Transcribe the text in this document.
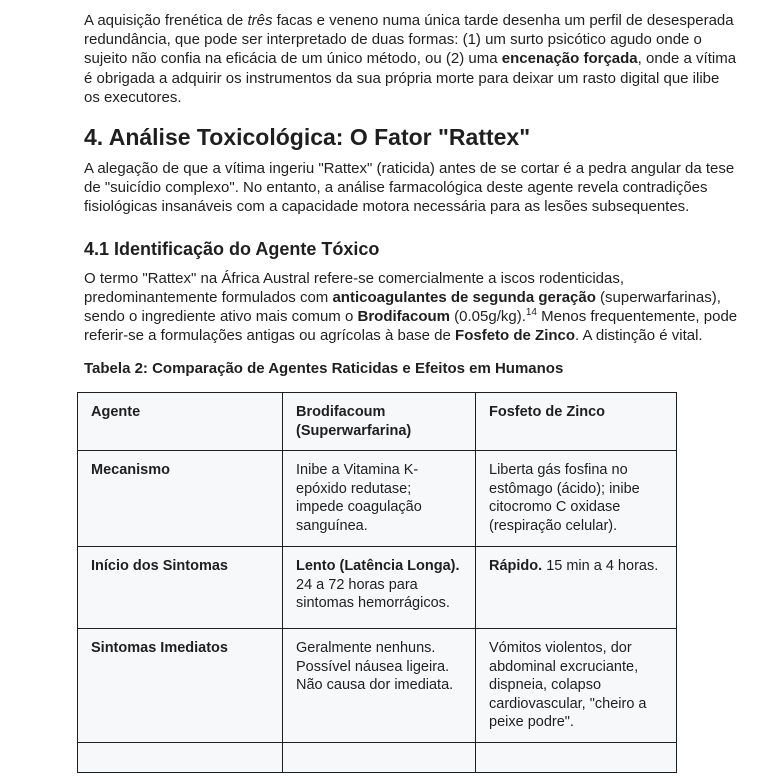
A aquisição frenética de três facas e veneno numa única tarde desenha um perfil de desesperada redundância, que pode ser interpretado de duas formas: (1) um surto psicótico agudo onde o sujeito não confia na eficácia de um único método, ou (2) uma encenação forçada, onde a vítima é obrigada a adquirir os instrumentos da sua própria morte para deixar um rasto digital que ilibe os executores.

4. Análise Toxicológica: O Fator "Rattex"

A alegação de que a vítima ingeriu "Rattex" (raticida) antes de se cortar é a pedra angular da tese de "suicídio complexo". No entanto, a análise farmacológica deste agente revela contradições fisiológicas insanáveis com a capacidade motora necessária para as lesões subsequentes.

4.1 Identificação do Agente Tóxico

O termo "Rattex" na África Austral refere-se comercialmente a iscos rodenticidas, predominantemente formulados com anticoagulantes de segunda geração (superwarfarinas), sendo o ingrediente ativo mais comum o Brodifacoum (0.05g/kg).$^{14}$ Menos frequentemente, pode referir-se a formulações antigas ou agrícolas à base de Fosfeto de Zinco. A distinção é vital.

Tabela 2: Comparação de Agentes Raticidas e Efeitos em Humanos

Agente	Brodifacoum (Superwarfarina)	Fosfeto de Zinco
Mecanismo	Inibe a Vitamina K-epóxido redutase; impede coagulação sanguínea.	Liberta gás fosfina no estômago (ácido); inibe citocromo C oxidase (respiração celular).
Início dos Sintomas	Lento (Latência Longa). 24 a 72 horas para sintomas hemorrágicos.	Rápido. 15 min a 4 horas.
Sintomas Imediatos	Geralmente nenhuns. Possível náusea ligeira. Não causa dor imediata.	Vómitos violentos, dor abdominal excruciante, dispneia, colapso cardiovascular, "cheiro a peixe podre".
